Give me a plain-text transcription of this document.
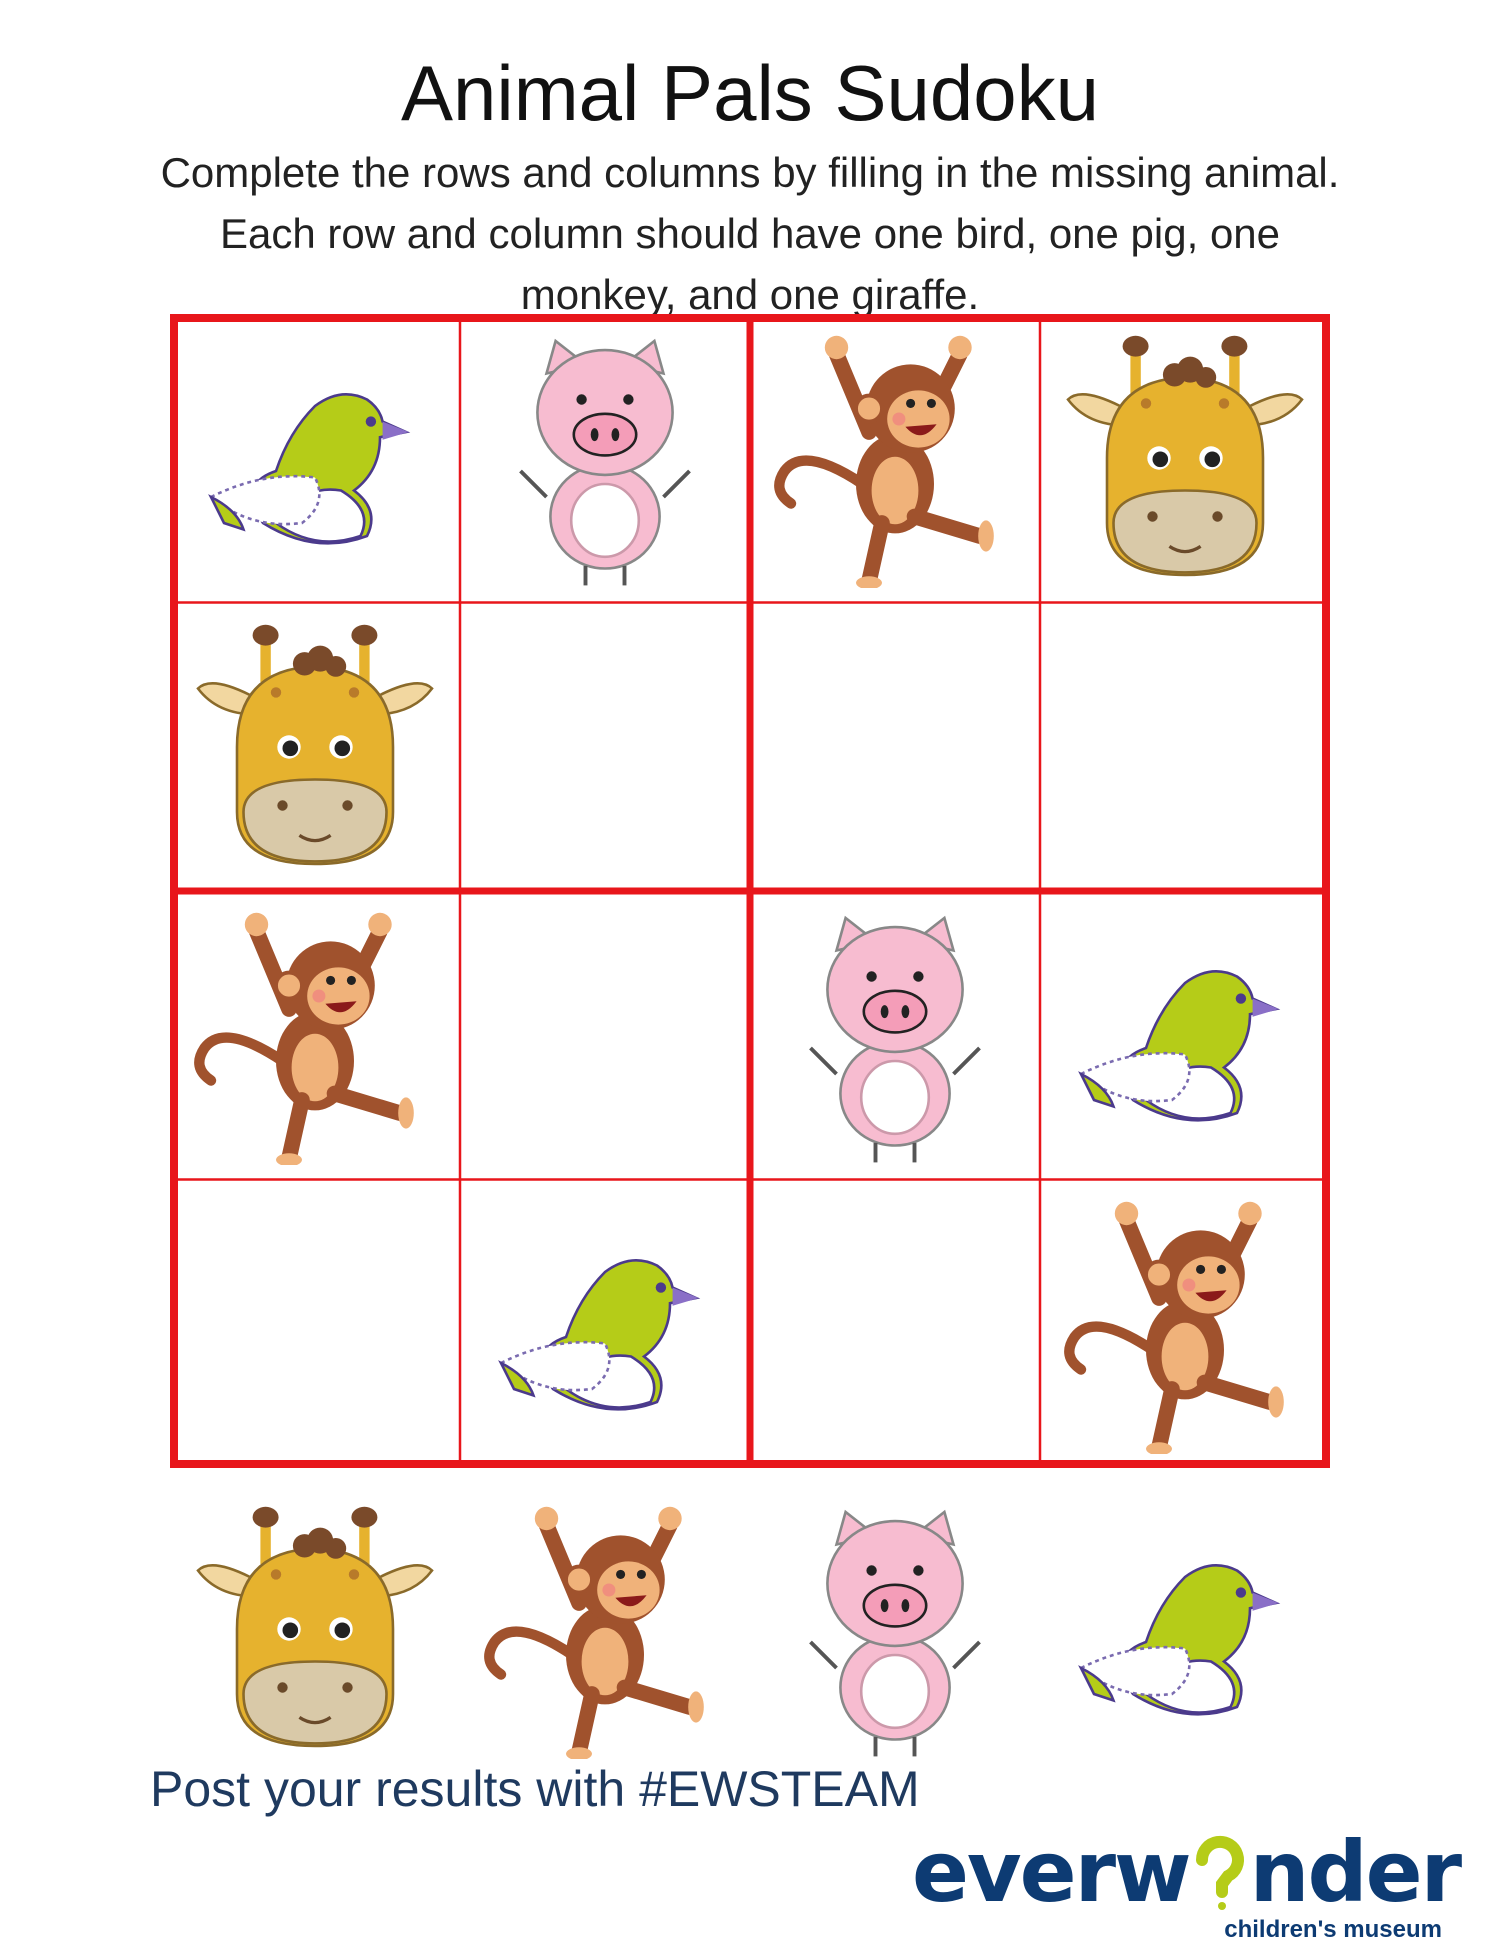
Animal Pals Sudoku

Complete the rows and columns by filling in the missing animal. Each row and column should have one bird, one pig, one monkey, and one giraffe.

Post your results with #EWSTEAM
everw nder
children's museum
